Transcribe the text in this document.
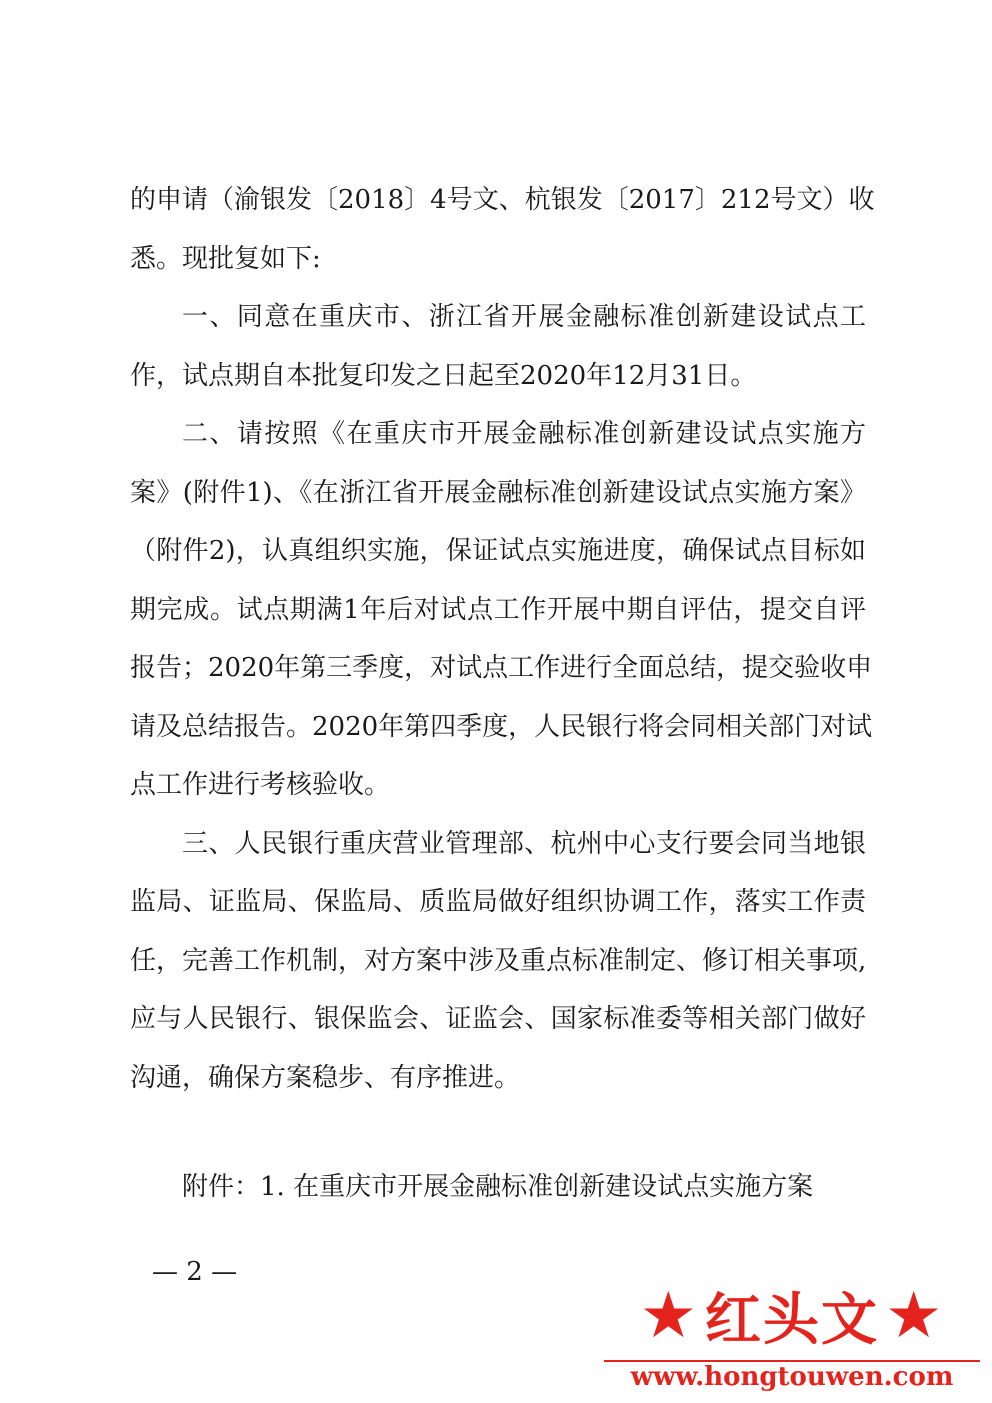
的申请（渝银发〔2018〕4号文、杭银发〔2017〕212号文）收
悉。现批复如下:
一、同意在重庆市、浙江省开展金融标准创新建设试点工
作，试点期自本批复印发之日起至2020年12月31日。
二、请按照《在重庆市开展金融标准创新建设试点实施方
案》(附件1)、《在浙江省开展金融标准创新建设试点实施方案》
（附件2)，认真组织实施，保证试点实施进度，确保试点目标如
期完成。试点期满1年后对试点工作开展中期自评估，提交自评
报告；2020年第三季度，对试点工作进行全面总结，提交验收申
请及总结报告。2020年第四季度，人民银行将会同相关部门对试
点工作进行考核验收。
三、人民银行重庆营业管理部、杭州中心支行要会同当地银
监局、证监局、保监局、质监局做好组织协调工作，落实工作责
任，完善工作机制，对方案中涉及重点标准制定、修订相关事项,
应与人民银行、银保监会、证监会、国家标准委等相关部门做好
沟通，确保方案稳步、有序推进。
附件：1. 在重庆市开展金融标准创新建设试点实施方案
— 2 —
★ 红头文 ★
www.hongtouwen.com
